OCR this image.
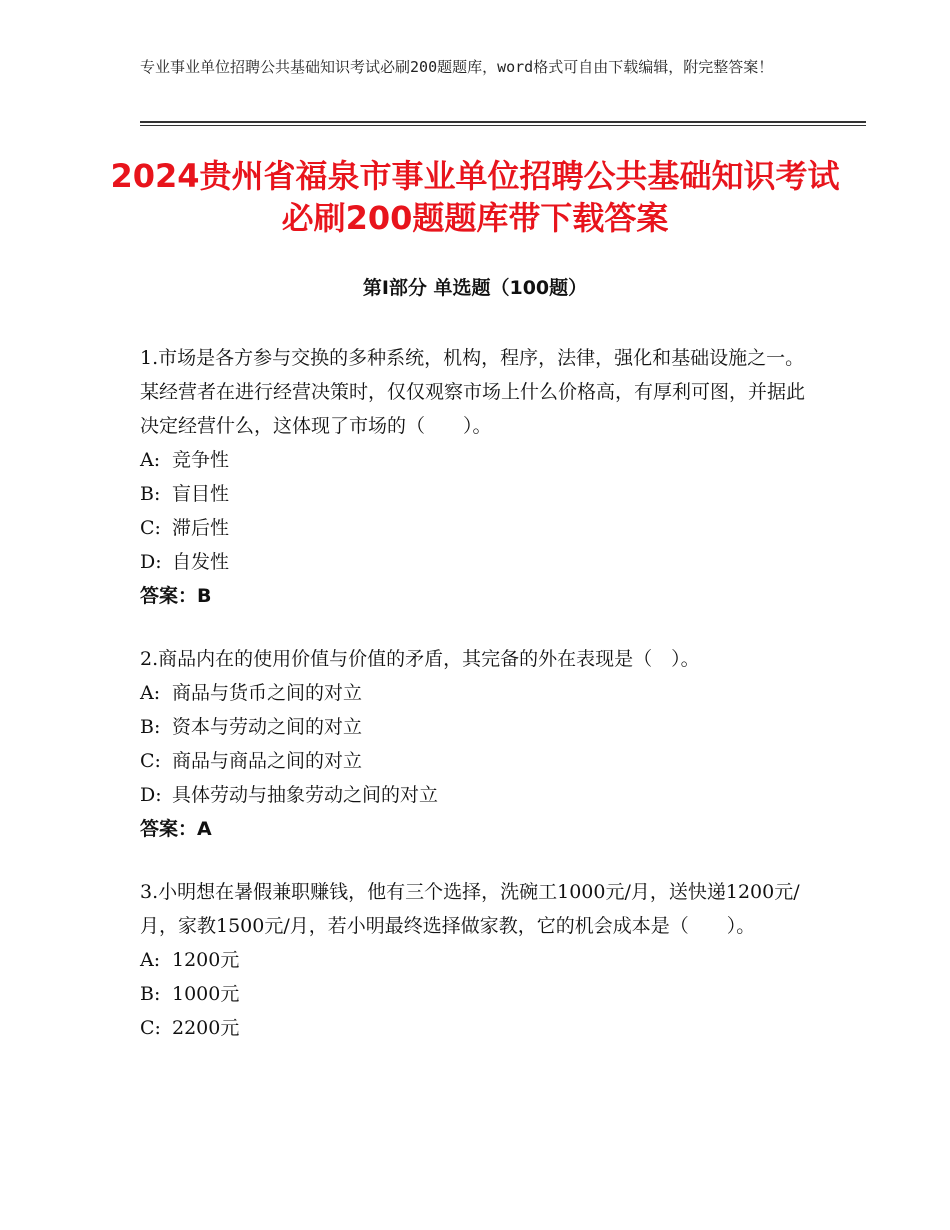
专业事业单位招聘公共基础知识考试必刷200题题库，word格式可自由下载编辑，附完整答案！
2024贵州省福泉市事业单位招聘公共基础知识考试必刷200题题库带下载答案
第I部分 单选题（100题）

1.市场是各方参与交换的多种系统，机构，程序，法律，强化和基础设施之一。某经营者在进行经营决策时，仅仅观察市场上什么价格高，有厚利可图，并据此决定经营什么，这体现了市场的（　　）。

A: 竞争性

B: 盲目性

C: 滞后性

D: 自发性

答案：B

2.商品内在的使用价值与价值的矛盾，其完备的外在表现是（　）。

A: 商品与货币之间的对立

B: 资本与劳动之间的对立

C: 商品与商品之间的对立

D: 具体劳动与抽象劳动之间的对立

答案：A

3.小明想在暑假兼职赚钱，他有三个选择，洗碗工1000元/月，送快递1200元/月，家教1500元/月，若小明最终选择做家教，它的机会成本是（　　）。

A: 1200元

B: 1000元

C: 2200元
